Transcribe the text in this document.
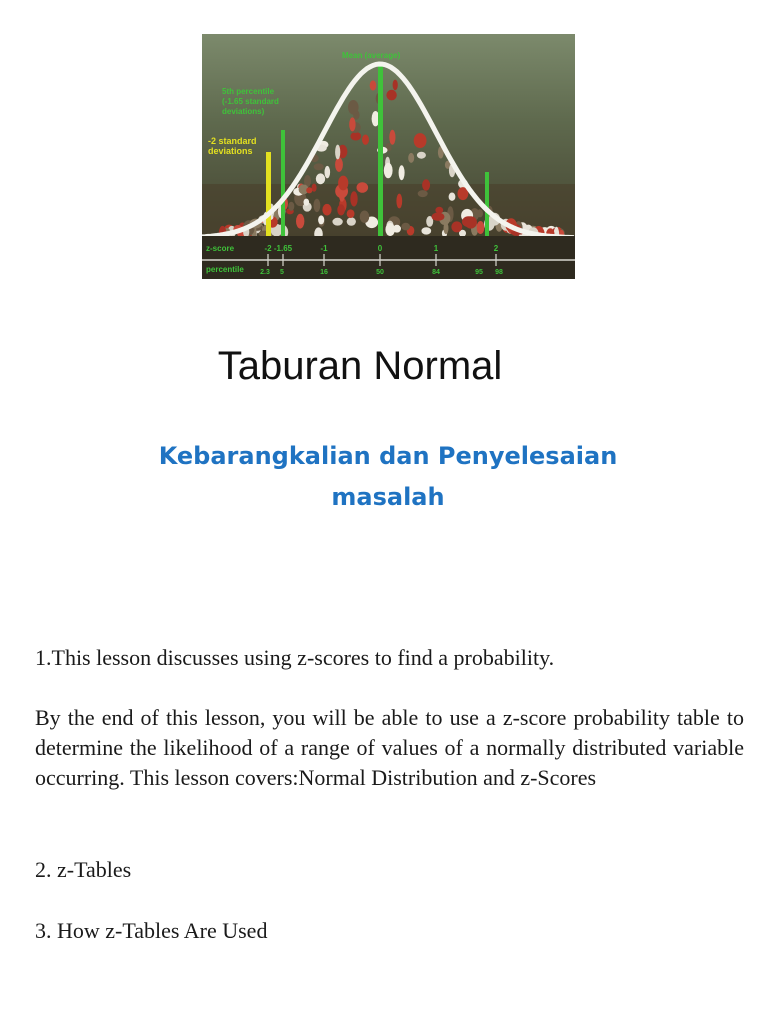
Mean (average)
5th percentile
(-1.65 standard
deviations)
-2 standard
deviations
z-score
percentile
-2 -1.65	-1	0	1	2
2.3 5	16	50	84	95 98
Taburan Normal
Kebarangkalian dan Penyelesaian masalah

1.This lesson discusses using z-scores to find a probability.

By the end of this lesson, you will be able to use a z-score probability table to determine the likelihood of a range of values of a normally distributed variable occurring. This lesson covers:Normal Distribution and z-Scores

2. z-Tables

3. How z-Tables Are Used
